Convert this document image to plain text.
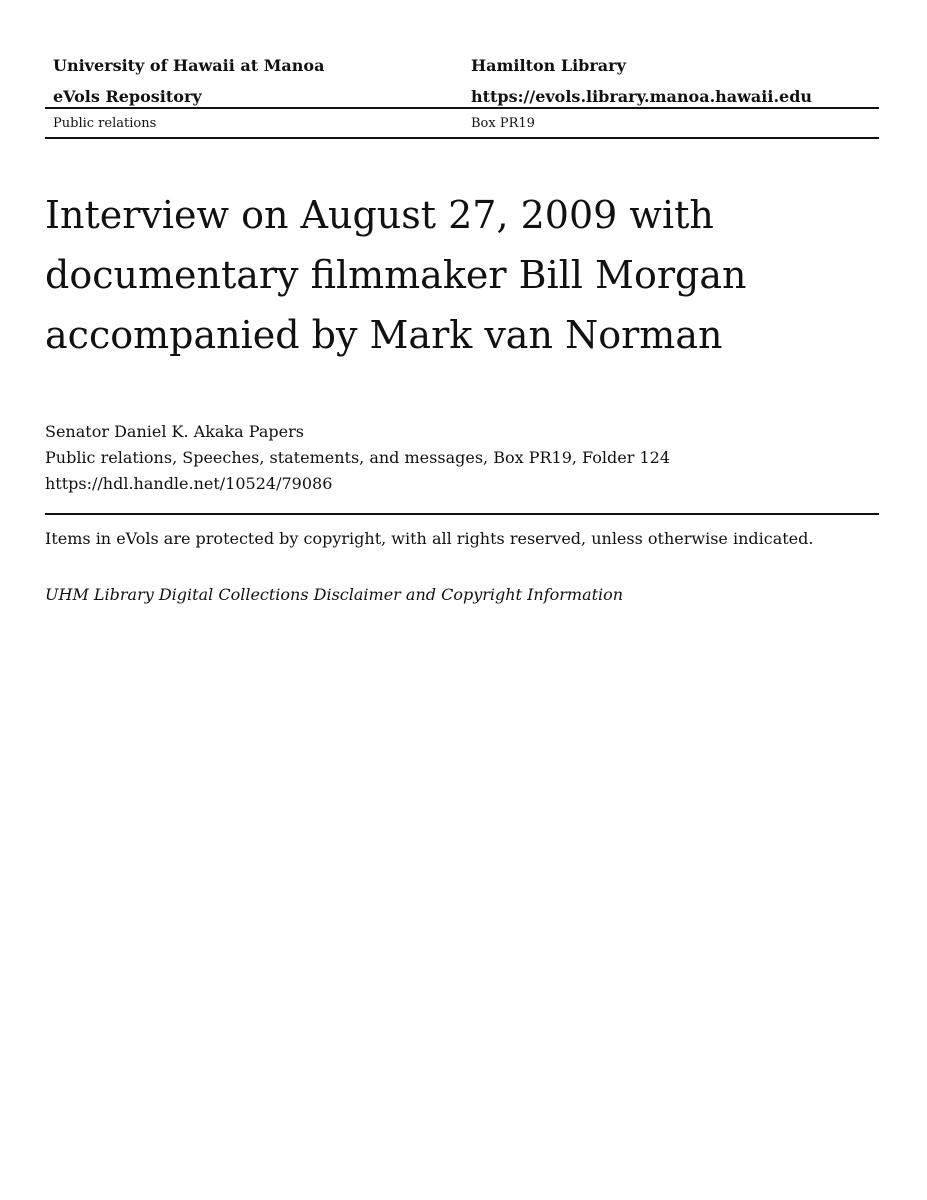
University of Hawaii at Manoa	Hamilton Library
eVols Repository	https://evols.library.manoa.hawaii.edu
Public relations	Box PR19
Interview on August 27, 2009 with
documentary filmmaker Bill Morgan
accompanied by Mark van Norman
Senator Daniel K. Akaka Papers
Public relations, Speeches, statements, and messages, Box PR19, Folder 124
https://hdl.handle.net/10524/79086
Items in eVols are protected by copyright, with all rights reserved, unless otherwise indicated.
UHM Library Digital Collections Disclaimer and Copyright Information
